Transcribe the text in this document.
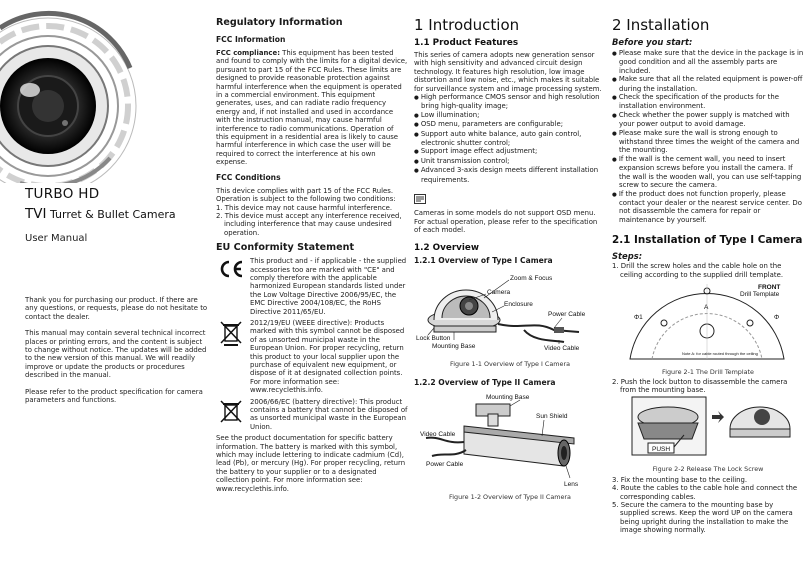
TURBO HD
TVI Turret & Bullet Camera
User Manual

Thank you for purchasing our product. If there are any questions, or requests, please do not hesitate to contact the dealer.

This manual may contain several technical incorrect places or printing errors, and the content is subject to change without notice. The updates will be added to the new version of this manual. We will readily improve or update the products or procedures described in the manual.

Please refer to the product specification for camera parameters and functions.

Regulatory Information
FCC Information

FCC compliance: This equipment has been tested and found to comply with the limits for a digital device, pursuant to part 15 of the FCC Rules. These limits are designed to provide reasonable protection against harmful interference when the equipment is operated in a commercial environment. This equipment generates, uses, and can radiate radio frequency energy and, if not installed and used in accordance with the instruction manual, may cause harmful interference to radio communications. Operation of this equipment in a residential area is likely to cause harmful interference in which case the user will be required to correct the interference at his own expense.

FCC Conditions

This device complies with part 15 of the FCC Rules. Operation is subject to the following two conditions:

1. This device may not cause harmful interference.
2. This device must accept any interference received, including interference that may cause undesired operation.
EU Conformity Statement

This product and - if applicable - the supplied accessories too are marked with "CE" and comply therefore with the applicable harmonized European standards listed under the Low Voltage Directive 2006/95/EC, the EMC Directive 2004/108/EC, the RoHS Directive 2011/65/EU.

2012/19/EU (WEEE directive): Products marked with this symbol cannot be disposed of as unsorted municipal waste in the European Union. For proper recycling, return this product to your local supplier upon the purchase of equivalent new equipment, or dispose of it at designated collection points. For more information see: www.recyclethis.info.

2006/66/EC (battery directive): This product contains a battery that cannot be disposed of as unsorted municipal waste in the European Union.

See the product documentation for specific battery information. The battery is marked with this symbol, which may include lettering to indicate cadmium (Cd), lead (Pb), or mercury (Hg). For proper recycling, return the battery to your supplier or to a designated collection point. For more information see: www.recyclethis.info.

1 Introduction
1.1 Product Features

This series of camera adopts new generation sensor with high sensitivity and advanced circuit design technology. It features high resolution, low image distortion and low noise, etc., which makes it suitable for surveillance system and image processing system.

● High performance CMOS sensor and high resolution bring high-quality image;
● Low illumination;
● OSD menu, parameters are configurable;
● Support auto white balance, auto gain control, electronic shutter control;
● Support image effect adjustment;
● Unit transmission control;
● Advanced 3-axis design meets different installation requirements.

Cameras in some models do not support OSD menu. For actual operation, please refer to the specification of each model.

1.2 Overview
1.2.1 Overview of Type I Camera
Zoom & Focus
Camera
Enclosure
Power Cable
Lock Button
Mounting Base	Video Cable
Figure 1-1 Overview of Type I Camera
1.2.2 Overview of Type II Camera
Mounting Base
Sun Shield
Video Cable
Power Cable
Lens
Figure 1-2 Overview of Type II Camera
2 Installation
Before you start:
● Please make sure that the device in the package is in good condition and all the assembly parts are included.
● Make sure that all the related equipment is power-off during the installation.
● Check the specification of the products for the installation environment.
● Check whether the power supply is matched with your power output to avoid damage.
● Please make sure the wall is strong enough to withstand three times the weight of the camera and the mounting.
● If the wall is the cement wall, you need to insert expansion screws before you install the camera. If the wall is the wooden wall, you can use self-tapping screw to secure the camera.
● If the product does not function properly, please contact your dealer or the nearest service center. Do not disassemble the camera for repair or maintenance by yourself.
2.1 Installation of Type I Camera
Steps:
1. Drill the screw holes and the cable hole on the ceiling according to the supplied drill template.
FRONT
Drill Template
A
Φ1	Φ
Note A: for cable routed through the ceiling
Figure 2-1 The Drill Template
2. Push the lock button to disassemble the camera from the mounting base.
PUSH
Figure 2-2 Release The Lock Screw
3. Fix the mounting base to the ceiling.
4. Route the cables to the cable hole and connect the corresponding cables.
5. Secure the camera to the mounting base by supplied screws. Keep the word UP on the camera being upright during the installation to make the image showing normally.
